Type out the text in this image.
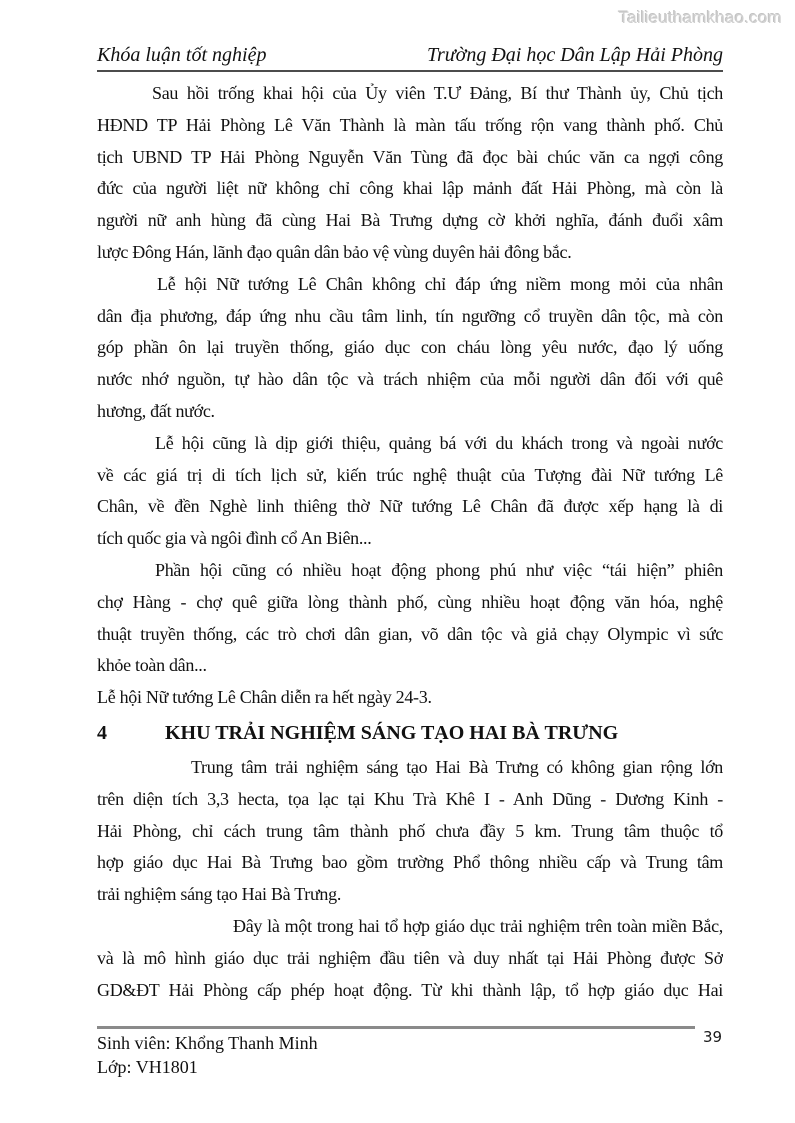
Tailieuthamkhao.com
Khóa luận tốt nghiệp	Trường Đại học Dân Lập Hải Phòng
Sau hồi trống khai hội của Ủy viên T.Ư Đảng, Bí thư Thành ủy, Chủ tịch
HĐND TP Hải Phòng Lê Văn Thành là màn tấu trống rộn vang thành phố. Chủ
tịch UBND TP Hải Phòng Nguyễn Văn Tùng đã đọc bài chúc văn ca ngợi công
đức của người liệt nữ không chỉ công khai lập mảnh đất Hải Phòng, mà còn là
người nữ anh hùng đã cùng Hai Bà Trưng dựng cờ khởi nghĩa, đánh đuổi xâm
lược Đông Hán, lãnh đạo quân dân bảo vệ vùng duyên hải đông bắc.
Lễ hội Nữ tướng Lê Chân không chỉ đáp ứng niềm mong mỏi của nhân
dân địa phương, đáp ứng nhu cầu tâm linh, tín ngưỡng cổ truyền dân tộc, mà còn
góp phần ôn lại truyền thống, giáo dục con cháu lòng yêu nước, đạo lý uống
nước nhớ nguồn, tự hào dân tộc và trách nhiệm của mỗi người dân đối với quê
hương, đất nước.
Lễ hội cũng là dịp giới thiệu, quảng bá với du khách trong và ngoài nước
về các giá trị di tích lịch sử, kiến trúc nghệ thuật của Tượng đài Nữ tướng Lê
Chân, về đền Nghè linh thiêng thờ Nữ tướng Lê Chân đã được xếp hạng là di
tích quốc gia và ngôi đình cổ An Biên...
Phần hội cũng có nhiều hoạt động phong phú như việc “tái hiện” phiên
chợ Hàng - chợ quê giữa lòng thành phố, cùng nhiều hoạt động văn hóa, nghệ
thuật truyền thống, các trò chơi dân gian, võ dân tộc và giả chạy Olympic vì sức
khỏe toàn dân...
Lễ hội Nữ tướng Lê Chân diễn ra hết ngày 24-3.
4	KHU TRẢI NGHIỆM SÁNG TẠO HAI BÀ TRƯNG
Trung tâm trải nghiệm sáng tạo Hai Bà Trưng có không gian rộng lớn
trên diện tích 3,3 hecta, tọa lạc tại Khu Trà Khê I - Anh Dũng - Dương Kinh -
Hải Phòng, chỉ cách trung tâm thành phố chưa đầy 5 km. Trung tâm thuộc tổ
hợp giáo dục Hai Bà Trưng bao gồm trường Phổ thông nhiều cấp và Trung tâm
trải nghiệm sáng tạo Hai Bà Trưng.
Đây là một trong hai tổ hợp giáo dục trải nghiệm trên toàn miền Bắc,
và là mô hình giáo dục trải nghiệm đầu tiên và duy nhất tại Hải Phòng được Sở
GD&ĐT Hải Phòng cấp phép hoạt động. Từ khi thành lập, tổ hợp giáo dục Hai
Sinh viên: Khổng Thanh Minh
Lớp: VH1801
39
